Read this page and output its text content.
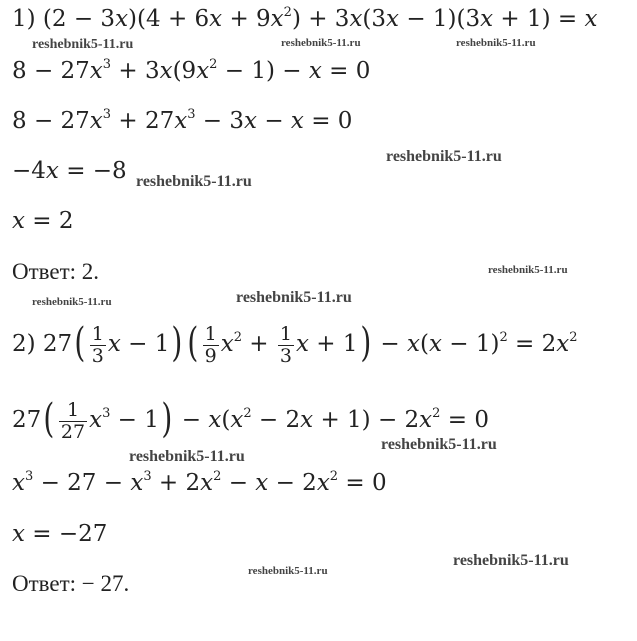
1) $(2 - 3x)(4 + 6x + 9x^2) + 3x(3x - 1)(3x + 1) = x$
$8 - 27x^3 + 3x(9x^2 - 1) - x = 0$
$8 - 27x^3 + 27x^3 - 3x - x = 0$
−4x = −8
x = 2
Ответ: 2.
2) $27( \frac{1}{3}$ x − 1) ( $\frac{1}{9} x^2 + \frac{1}{3}$ $x + 1) - x(x - 1)^2 = 2x^2$
$27( \frac{1}{27} x^3 - 1) - x(x^2 - 2x + 1) - 2x^2 = 0$
$x^3 - 27 - x^3 + 2x^2 - x - 2x^2 = 0$
x = −27
Ответ: − 27.
reshebnik5-11.ru	reshebnik5-11.ru	reshebnik5-11.ru
reshebnik5-11.ru
reshebnik5-11.ru
reshebnik5-11.ru
reshebnik5-11.ru	reshebnik5-11.ru
reshebnik5-11.ru
reshebnik5-11.ru
reshebnik5-11.ru
reshebnik5-11.ru
